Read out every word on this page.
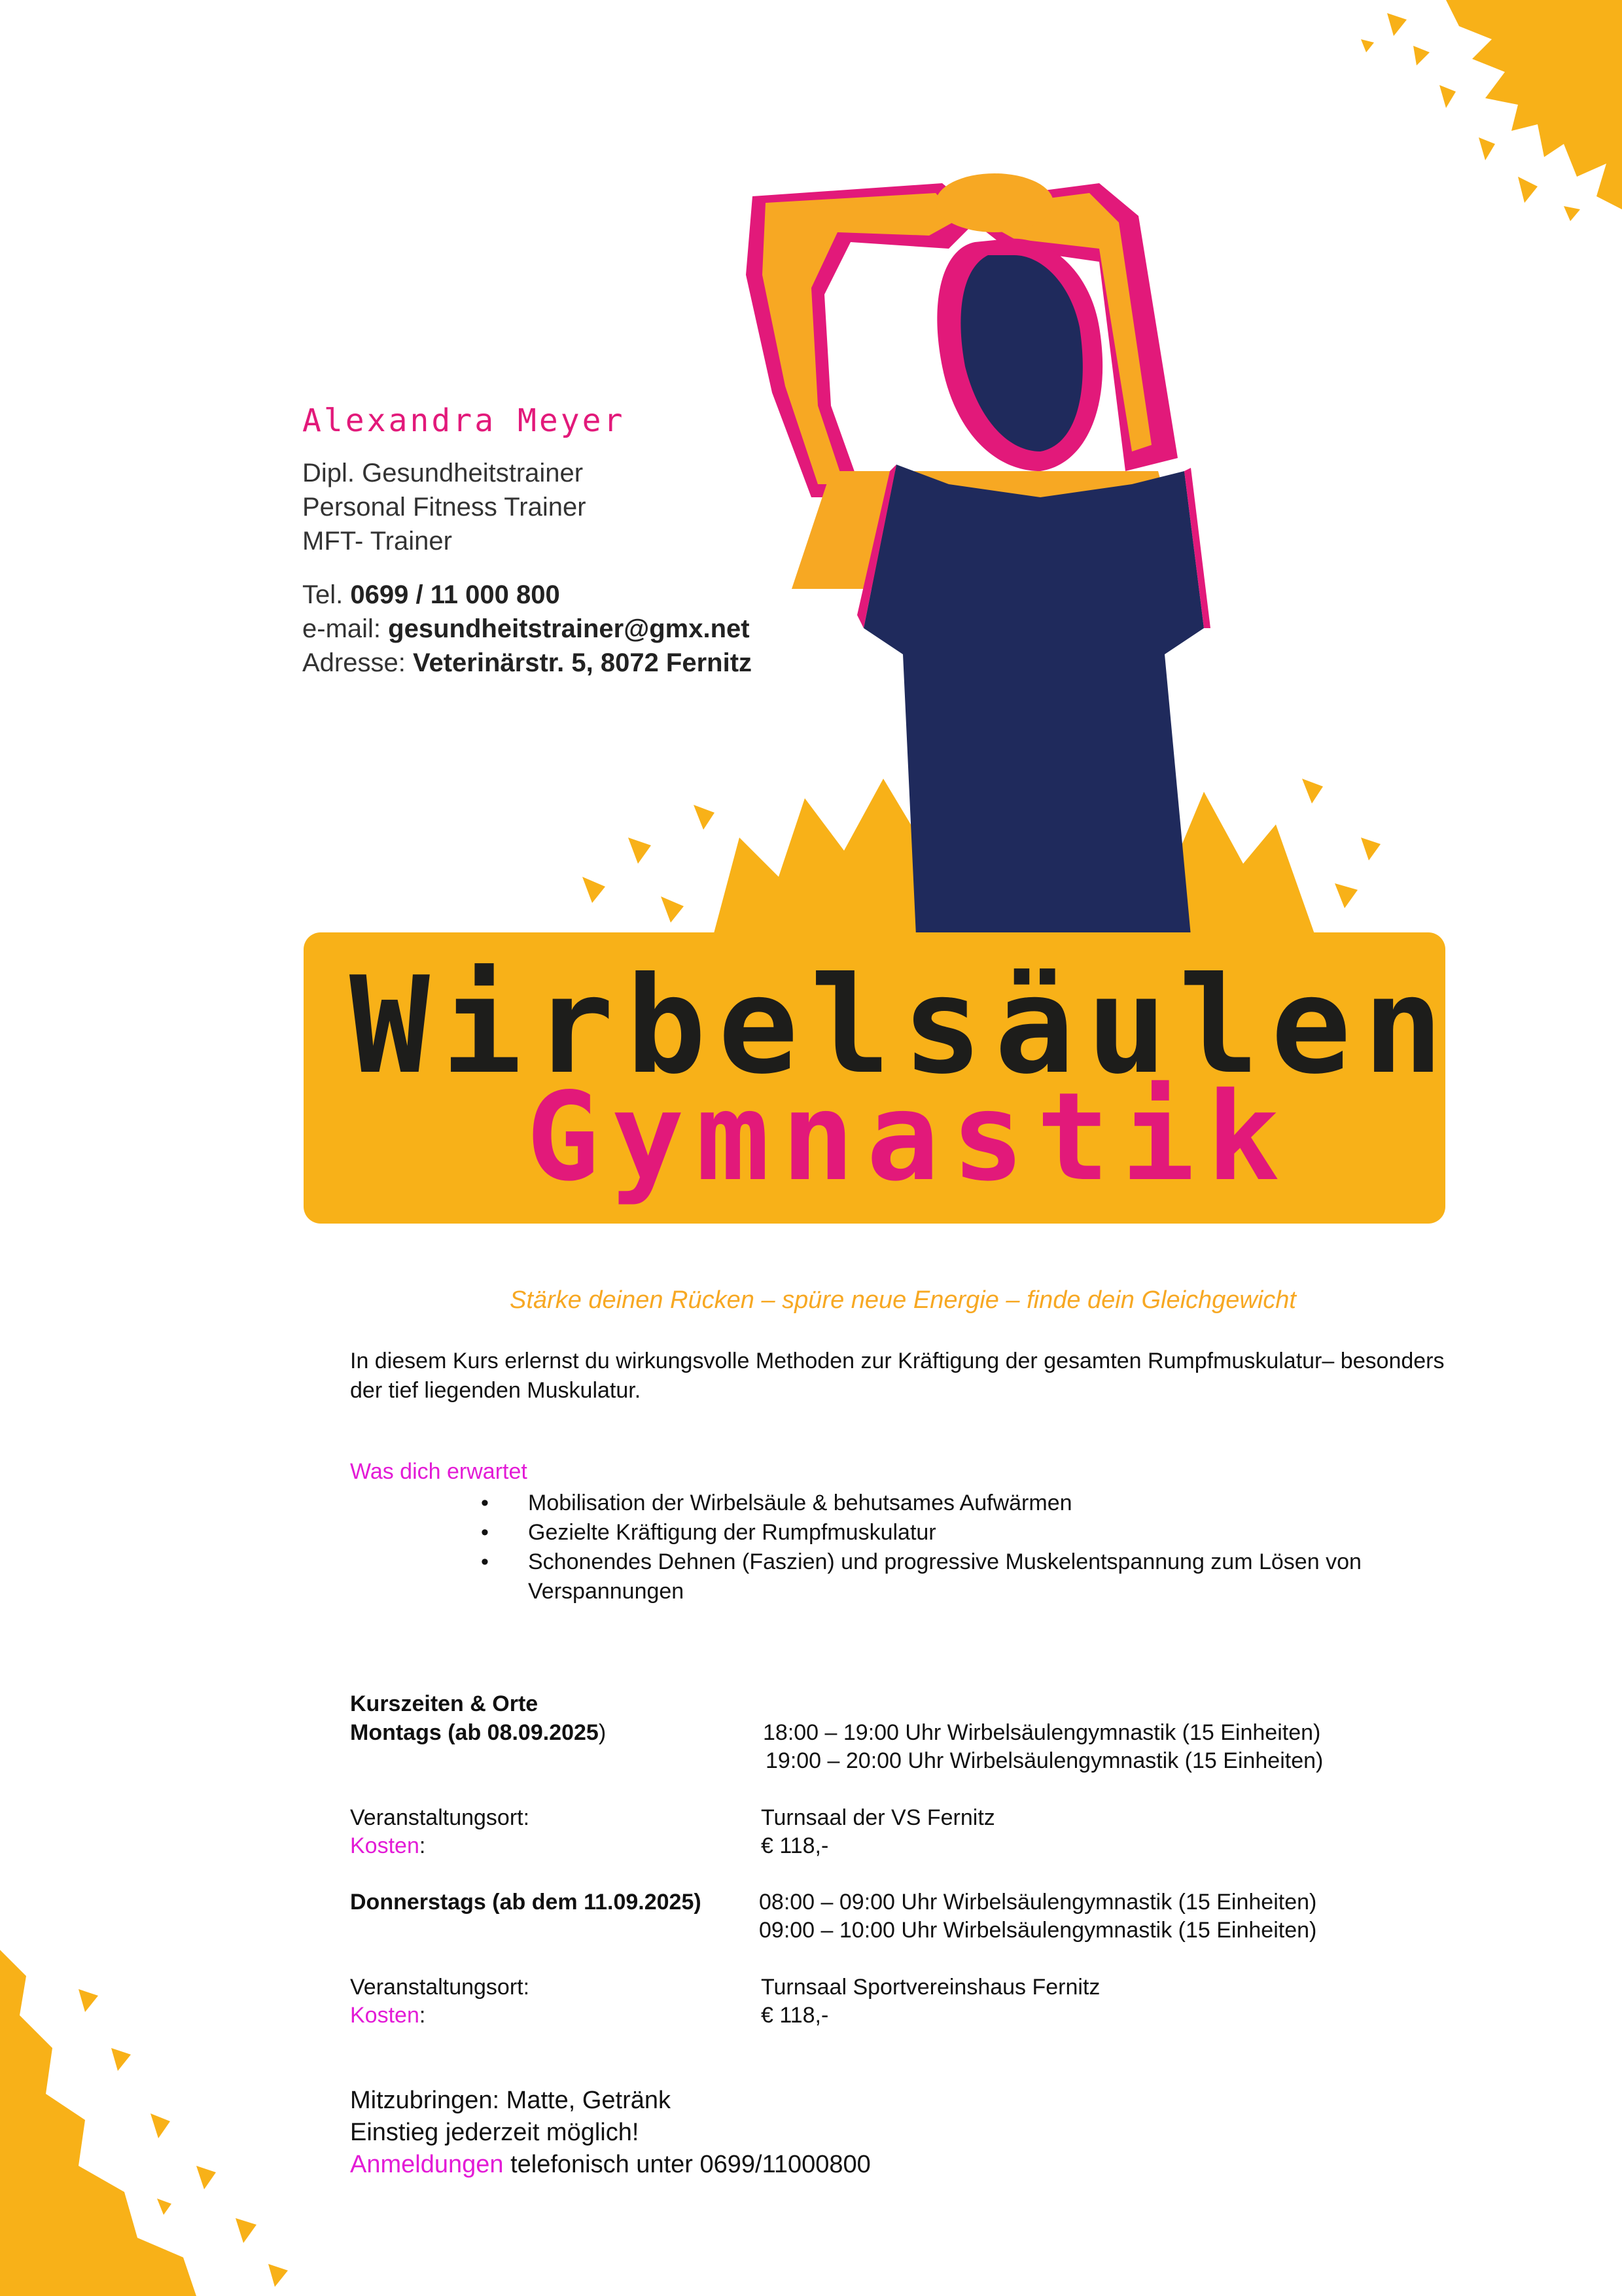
Alexandra Meyer
Dipl. Gesundheitstrainer
Personal Fitness Trainer
MFT- Trainer
Tel. 0699 / 11 000 800
e-mail: gesundheitstrainer@gmx.net
Adresse: Veterinärstr. 5, 8072 Fernitz
Wirbelsäulen
Gymnastik
Stärke deinen Rücken – spüre neue Energie – finde dein Gleichgewicht
In diesem Kurs erlernst du wirkungsvolle Methoden zur Kräftigung der gesamten Rumpfmuskulatur– besonders der tief liegenden Muskulatur.
Was dich erwartet
• Mobilisation der Wirbelsäule & behutsames Aufwärmen
• Gezielte Kräftigung der Rumpfmuskulatur
• Schonendes Dehnen (Faszien) und progressive Muskelentspannung zum Lösen von Verspannungen
Kurszeiten & Orte
Montags (ab 08.09.2025)	18:00 – 19:00 Uhr Wirbelsäulengymnastik (15 Einheiten)
19:00 – 20:00 Uhr Wirbelsäulengymnastik (15 Einheiten)
Veranstaltungsort:	Turnsaal der VS Fernitz
Kosten:	€ 118,-
Donnerstags (ab dem 11.09.2025)	08:00 – 09:00 Uhr Wirbelsäulengymnastik (15 Einheiten)
09:00 – 10:00 Uhr Wirbelsäulengymnastik (15 Einheiten)
Veranstaltungsort:	Turnsaal Sportvereinshaus Fernitz
Kosten:	€ 118,-
Mitzubringen: Matte, Getränk
Einstieg jederzeit möglich!
Anmeldungen telefonisch unter 0699/11000800
